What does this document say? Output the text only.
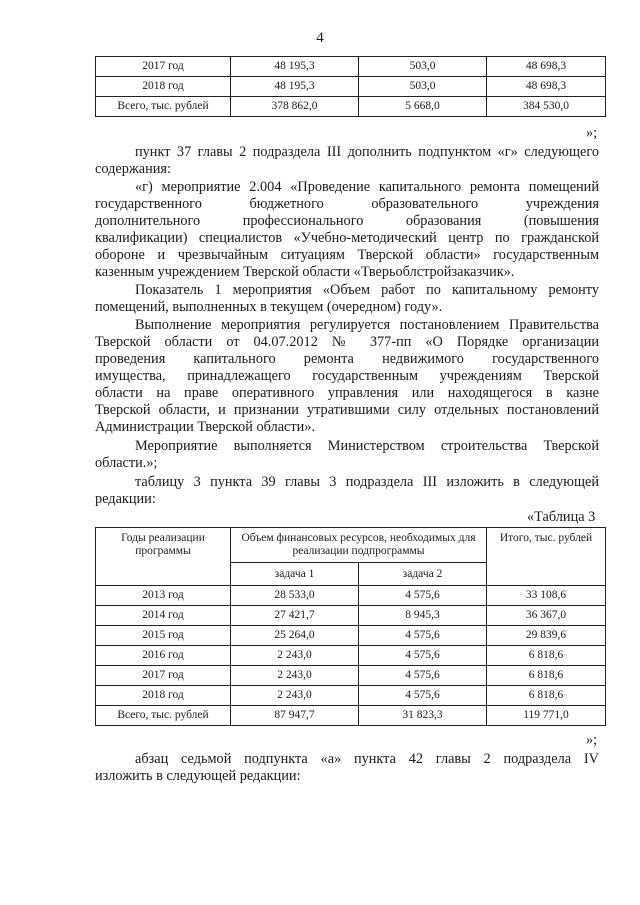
4
2017 год	48 195,3	503,0	48 698,3
2018 год	48 195,3	503,0	48 698,3
Всего, тыс. рублей	378 862,0	5 668,0	384 530,0
»;
пункт 37 главы 2 подраздела III дополнить подпунктом «г» следующего
содержания:
«г) мероприятие 2.004 «Проведение капитального ремонта помещений
государственного бюджетного образовательного учреждения
дополнительного профессионального образования (повышения
квалификации) специалистов «Учебно-методический центр по гражданской
обороне и чрезвычайным ситуациям Тверской области» государственным
казенным учреждением Тверской области «Тверьоблстройзаказчик».
Показатель 1 мероприятия «Объем работ по капитальному ремонту
помещений, выполненных в текущем (очередном) году».
Выполнение мероприятия регулируется постановлением Правительства
Тверской области от 04.07.2012 № 377-пп «О Порядке организации
проведения капитального ремонта недвижимого государственного
имущества, принадлежащего государственным учреждениям Тверской
области на праве оперативного управления или находящегося в казне
Тверской области, и признании утратившими силу отдельных постановлений
Администрации Тверской области».
Мероприятие выполняется Министерством строительства Тверской
области.»;
таблицу 3 пункта 39 главы 3 подраздела III изложить в следующей
редакции:
«Таблица 3
Годы реализации программы	Объем финансовых ресурсов, необходимых для реализации подпрограммы		Итого, тыс. рублей
	задача 1	задача 2	
2013 год	28 533,0	4 575,6	33 108,6
2014 год	27 421,7	8 945,3	36 367,0
2015 год	25 264,0	4 575,6	29 839,6
2016 год	2 243,0	4 575,6	6 818,6
2017 год	2 243,0	4 575,6	6 818,6
2018 год	2 243,0	4 575,6	6 818,6
Всего, тыс. рублей	87 947,7	31 823,3	119 771,0
»;
абзац седьмой подпункта «а» пункта 42 главы 2 подраздела IV
изложить в следующей редакции:
